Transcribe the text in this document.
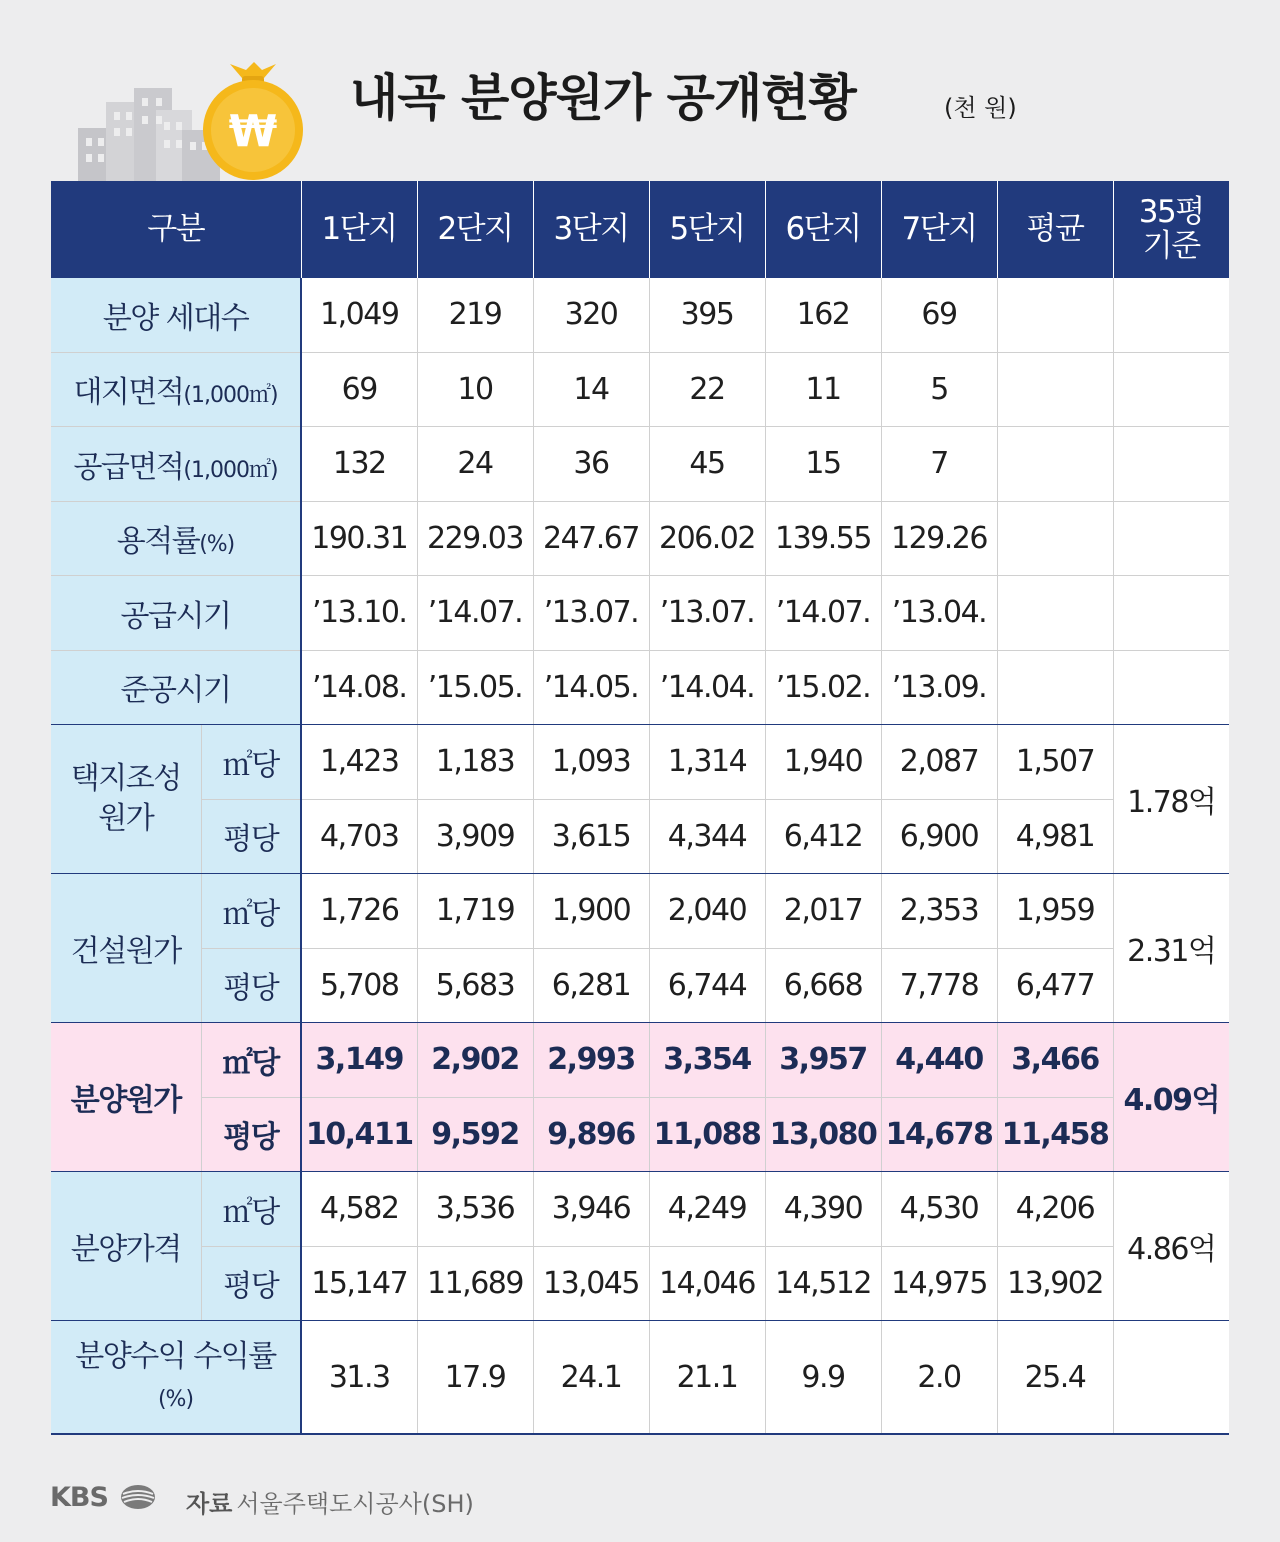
₩
내곡 분양원가 공개현황	(천 원)
구분		1단지	2단지	3단지	5단지	6단지	7단지	평균	35평
기준
분양 세대수		1,049	219	320	395	162	69		
대지면적(1,000㎡)		69	10	14	22	11	5		
공급면적(1,000㎡)		132	24	36	45	15	7		
용적률(%)		190.31	229.03	247.67	206.02	139.55	129.26		
공급시기		’13.10.	’14.07.	’13.07.	’13.07.	’14.07.	’13.04.		
준공시기		’14.08.	’15.05.	’14.05.	’14.04.	’15.02.	’13.09.		
택지조성
원가	㎡당	1,423	1,183	1,093	1,314	1,940	2,087	1,507	1.78억
	평당	4,703	3,909	3,615	4,344	6,412	6,900	4,981	
건설원가	㎡당	1,726	1,719	1,900	2,040	2,017	2,353	1,959	2.31억
	평당	5,708	5,683	6,281	6,744	6,668	7,778	6,477	
분양원가	㎡당	3,149	2,902	2,993	3,354	3,957	4,440	3,466	4.09억
	평당	10,411	9,592	9,896	11,088	13,080	14,678	11,458	
분양가격	㎡당	4,582	3,536	3,946	4,249	4,390	4,530	4,206	4.86억
	평당	15,147	11,689	13,045	14,046	14,512	14,975	13,902	
분양수익 수익률
(%)		31.3	17.9	24.1	21.1	9.9	2.0	25.4	
KBS	자료 서울주택도시공사(SH)
